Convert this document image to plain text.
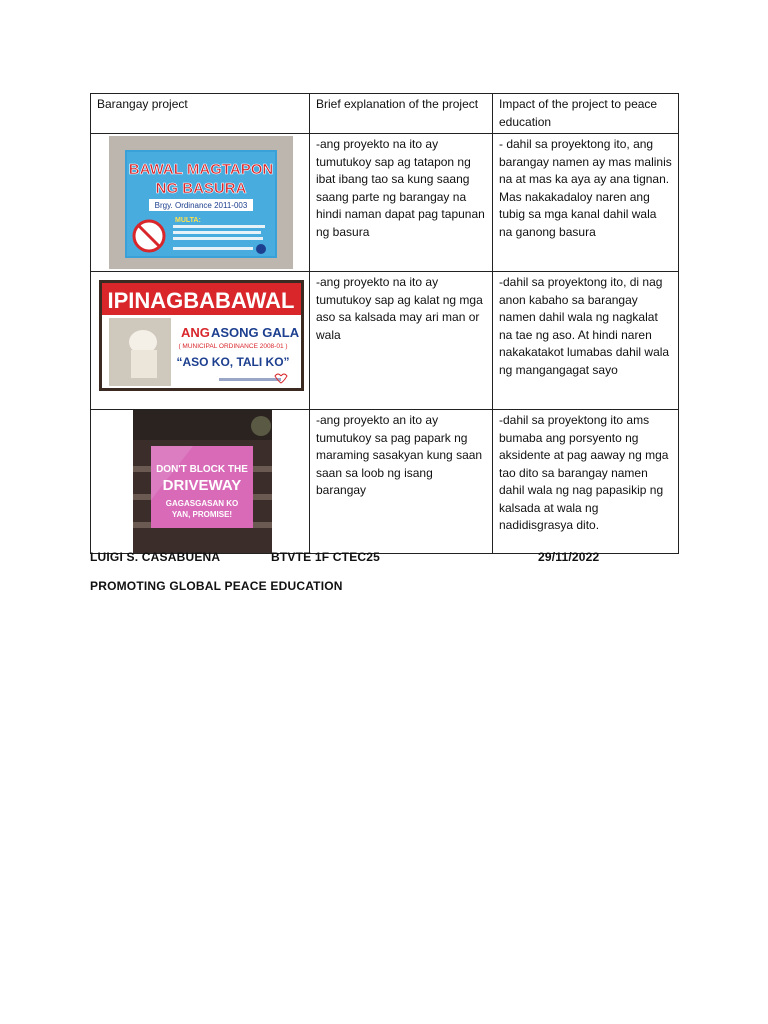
Barangay project	Brief explanation of the project	Impact of the project to peace education

BAWAL MAGTAPON
NG BASURA
Brgy. Ordinance 2011-003
MULTA:	-ang proyekto na ito ay tumutukoy sap ag tatapon ng ibat ibang tao sa kung saang saang parte ng barangay na hindi naman dapat pag tapunan ng basura	- dahil sa proyektong ito, ang barangay namen ay mas malinis na at mas ka aya ay ana tignan. Mas nakakadaloy naren ang tubig sa mga kanal dahil wala na ganong basura

IPINAGBABAWAL
ANG ASONG GALA
( MUNICIPAL ORDINANCE 2008-01 )
“ASO KO, TALI KO”	-ang proyekto na ito ay tumutukoy sap ag kalat ng mga aso sa kalsada may ari man or wala	-dahil sa proyektong ito, di nag anon kabaho sa barangay namen dahil wala ng nagkalat na tae ng aso. At hindi naren nakakatakot lumabas dahil wala ng mangangagat sayo

DON'T BLOCK THE
DRIVEWAY
GAGASGASAN KO
YAN, PROMISE!	-ang proyekto an ito ay tumutukoy sa pag papark ng maraming sasakyan kung saan saan sa loob ng isang barangay	-dahil sa proyektong ito ams bumaba ang porsyento ng aksidente at pag aaway ng mga tao dito sa barangay namen dahil wala ng nag papasikip ng kalsada at wala ng nadidisgrasya dito.
LUIGI S. CASABUENA	BTVTE 1F CTEC25	29/11/2022
PROMOTING GLOBAL PEACE EDUCATION
